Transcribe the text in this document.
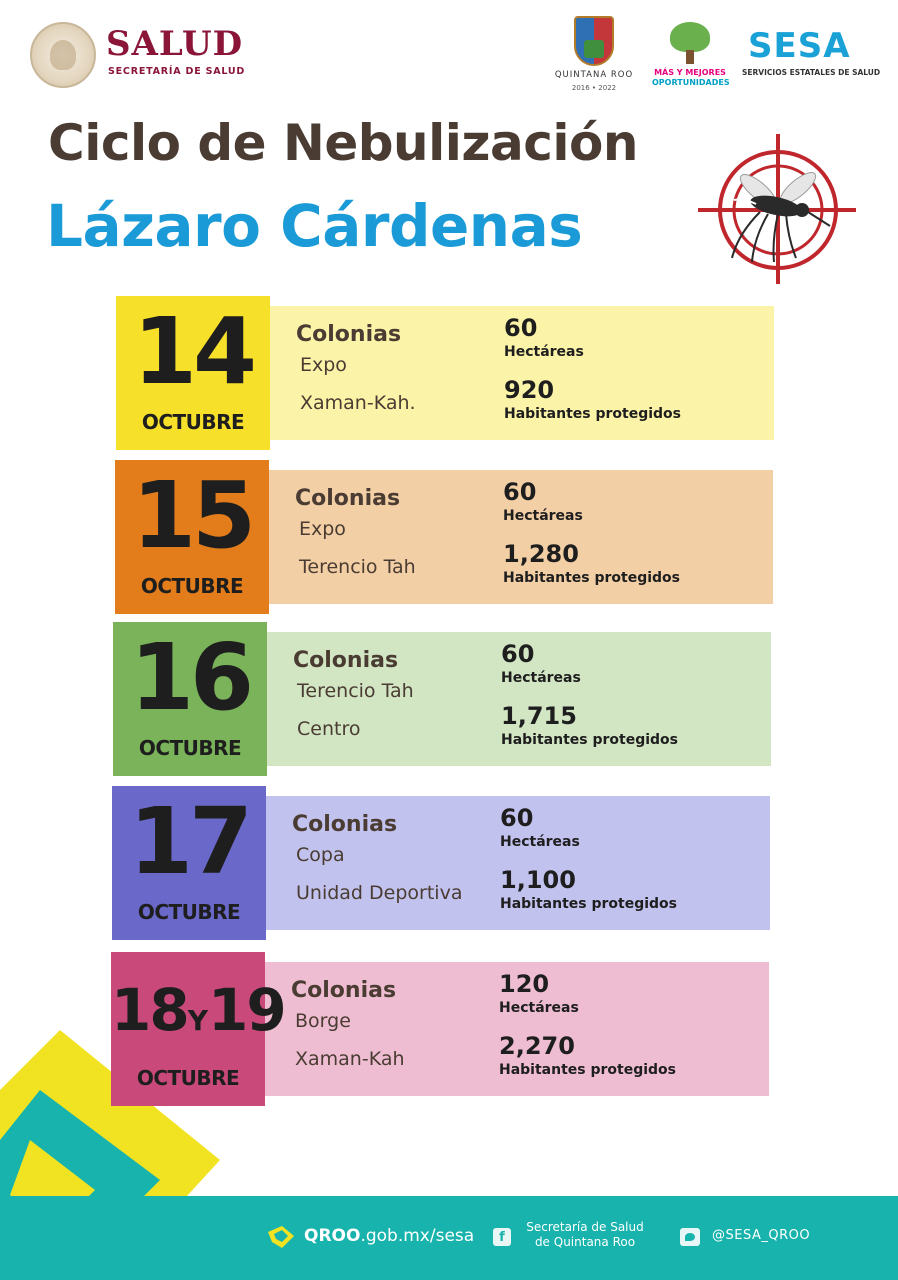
SALUD
SECRETARÍA DE SALUD	QUINTANA ROO
2016 • 2022
MÁS Y MEJORES
OPORTUNIDADES
SESA
SERVICIOS ESTATALES DE SALUD
Ciclo de Nebulización
Lázaro Cárdenas
Colonias
Expo
Xaman-Kah.
60
Hectáreas
920
Habitantes protegidos
14
OCTUBRE
Colonias
Expo
Terencio Tah
60
Hectáreas
1,280
Habitantes protegidos
15
OCTUBRE
Colonias
Terencio Tah
Centro
60
Hectáreas
1,715
Habitantes protegidos
16
OCTUBRE
Colonias
Copa
Unidad Deportiva
60
Hectáreas
1,100
Habitantes protegidos
17
OCTUBRE
Colonias
Borge
Xaman-Kah
120
Hectáreas
2,270
Habitantes protegidos
18Y19
OCTUBRE
QROO.gob.mx/sesa	f
Secretaría de Salud
de Quintana Roo	@SESA_QROO
